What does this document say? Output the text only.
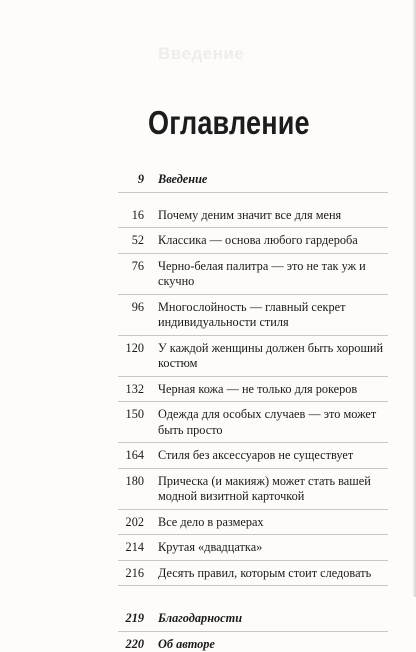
Введение
Оглавление
9	Введение
16	Почему деним значит все для меня
52	Классика — основа любого гардероба
76	Черно-белая палитра — это не так уж и скучно
96	Многослойность — главный секрет индивидуальности стиля
120	У каждой женщины должен быть хороший костюм
132	Черная кожа — не только для рокеров
150	Одежда для особых случаев — это может быть просто
164	Стиля без аксессуаров не существует
180	Прическа (и макияж) может стать вашей модной визитной карточкой
202	Все дело в размерах
214	Крутая «двадцатка»
216	Десять правил, которым стоит следовать
219	Благодарности
220	Об авторе
